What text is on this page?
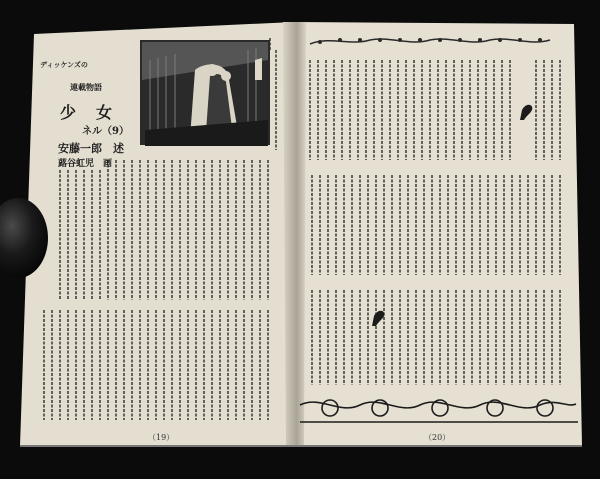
ディッケンズの
連載物語
少　女
ネル（9）
安藤一郎　述
蕗谷虹児　画
（19）	（20）
